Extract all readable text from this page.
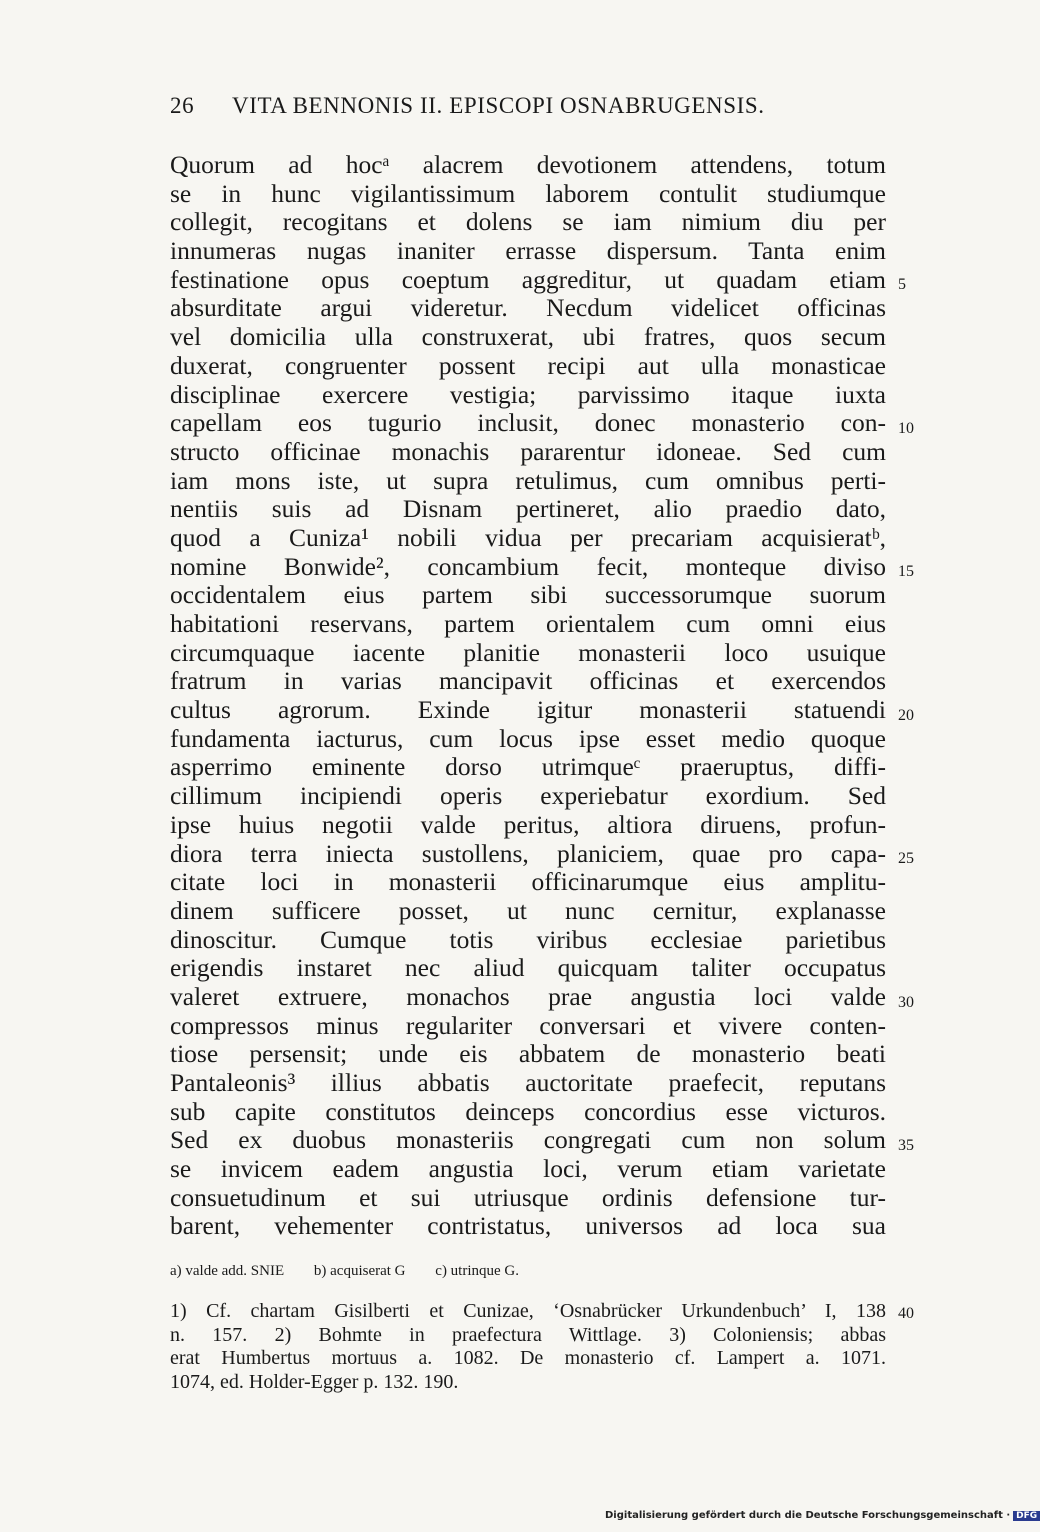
26 VITA BENNONIS II. EPISCOPI OSNABRUGENSIS.
Quorum ad hocᵃ alacrem devotionem attendens, totum
se in hunc vigilantissimum laborem contulit studiumque
collegit, recogitans et dolens se iam nimium diu per
innumeras nugas inaniter errasse dispersum. Tanta enim
festinatione opus coeptum aggreditur, ut quadam etiam
absurditate argui videretur. Necdum videlicet officinas
vel domicilia ulla construxerat, ubi fratres, quos secum
duxerat, congruenter possent recipi aut ulla monasticae
disciplinae exercere vestigia; parvissimo itaque iuxta
capellam eos tugurio inclusit, donec monasterio con-
structo officinae monachis pararentur idoneae. Sed cum
iam mons iste, ut supra retulimus, cum omnibus perti-
nentiis suis ad Disnam pertineret, alio praedio dato,
quod a Cuniza¹ nobili vidua per precariam acquisieratᵇ,
nomine Bonwide², concambium fecit, monteque diviso
occidentalem eius partem sibi successorumque suorum
habitationi reservans, partem orientalem cum omni eius
circumquaque iacente planitie monasterii loco usuique
fratrum in varias mancipavit officinas et exercendos
cultus agrorum. Exinde igitur monasterii statuendi
fundamenta iacturus, cum locus ipse esset medio quoque
asperrimo eminente dorso utrimqueᶜ praeruptus, diffi-
cillimum incipiendi operis experiebatur exordium. Sed
ipse huius negotii valde peritus, altiora diruens, profun-
diora terra iniecta sustollens, planiciem, quae pro capa-
citate loci in monasterii officinarumque eius amplitu-
dinem sufficere posset, ut nunc cernitur, explanasse
dinoscitur. Cumque totis viribus ecclesiae parietibus
erigendis instaret nec aliud quicquam taliter occupatus
valeret extruere, monachos prae angustia loci valde
compressos minus regulariter conversari et vivere conten-
tiose persensit; unde eis abbatem de monasterio beati
Pantaleonis³ illius abbatis auctoritate praefecit, reputans
sub capite constitutos deinceps concordius esse victuros.
Sed ex duobus monasteriis congregati cum non solum
se invicem eadem angustia loci, verum etiam varietate
consuetudinum et sui utriusque ordinis defensione tur-
barent, vehementer contristatus, universos ad loca sua
5
10
15
20
25
30
35
a) valde add. SNIE b) acquiserat G c) utrinque G.
1) Cf. chartam Gisilberti et Cunizae, ‘Osnabrücker Urkundenbuch’ I, 138
n. 157. 2) Bohmte in praefectura Wittlage. 3) Coloniensis; abbas
erat Humbertus mortuus a. 1082. De monasterio cf. Lampert a. 1071.
1074, ed. Holder-Egger p. 132. 190.
40
Digitalisierung gefördert durch die Deutsche Forschungsgemeinschaft · DFG
